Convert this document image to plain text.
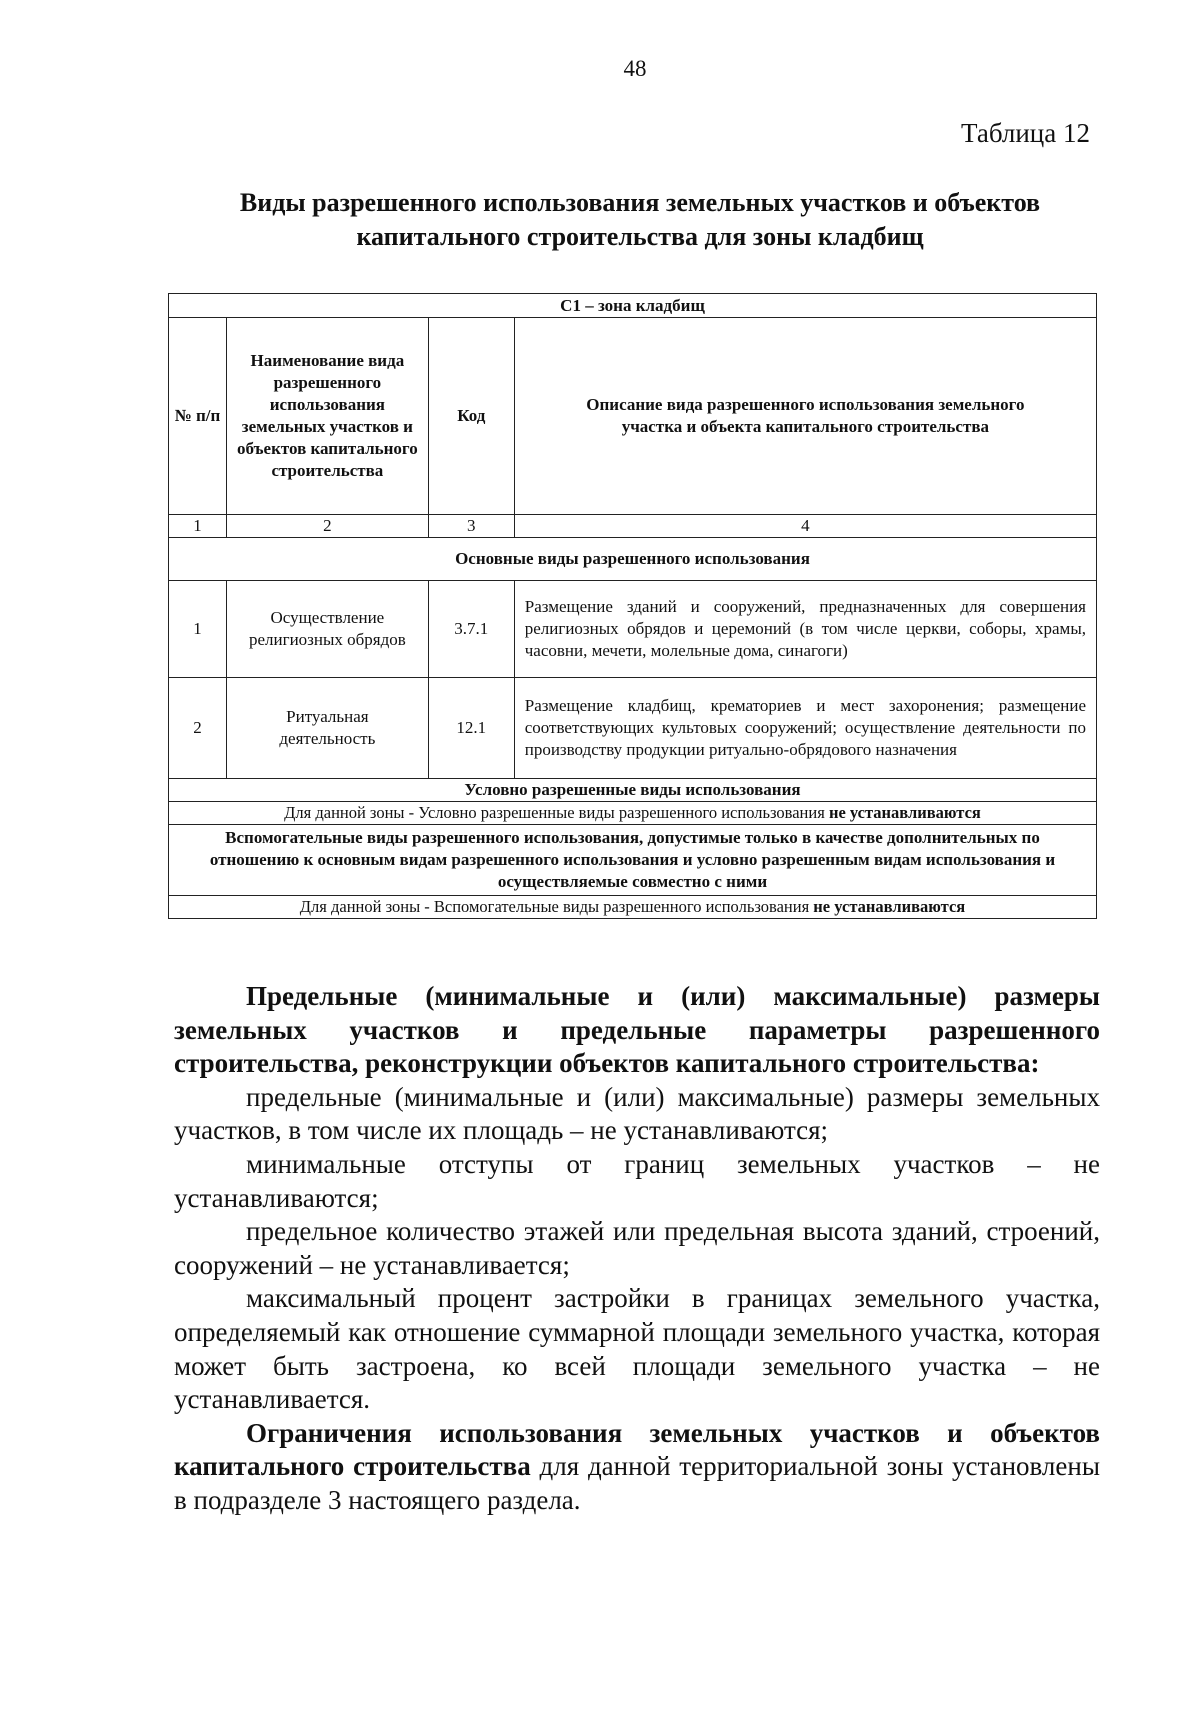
48
Таблица 12
Виды разрешенного использования земельных участков и объектов
капитального строительства для зоны кладбищ
С1 – зона кладбищ			
№ п/п	Наименование вида разрешенного использования земельных участков и объектов капитального строительства	Код	Описание вида разрешенного использования земельного участка и объекта капитального строительства
1	2	3	4
Основные виды разрешенного использования			
1	Осуществление религиозных обрядов	3.7.1	Размещение зданий и сооружений, предназначенных для совершения религиозных обрядов и церемоний (в том числе церкви, соборы, храмы, часовни, мечети, молельные дома, синагоги)
2	Ритуальная деятельность	12.1	Размещение кладбищ, крематориев и мест захоронения; размещение соответствующих культовых сооружений; осуществление деятельности по производству продукции ритуально-обрядового назначения
Условно разрешенные виды использования			
Для данной зоны - Условно разрешенные виды разрешенного использования не устанавливаются			
Вспомогательные виды разрешенного использования, допустимые только в качестве дополнительных по отношению к основным видам разрешенного использования и условно разрешенным видам использования и осуществляемые совместно с ними			
Для данной зоны - Вспомогательные виды разрешенного использования не устанавливаются			

Предельные (минимальные и (или) максимальные) размеры земельных участков и предельные параметры разрешенного строительства, реконструкции объектов капитального строительства:

предельные (минимальные и (или) максимальные) размеры земельных участков, в том числе их площадь – не устанавливаются;

минимальные отступы от границ земельных участков – не устанавливаются;

предельное количество этажей или предельная высота зданий, строений, сооружений – не устанавливается;

максимальный процент застройки в границах земельного участка, определяемый как отношение суммарной площади земельного участка, которая может быть застроена, ко всей площади земельного участка – не устанавливается.

Ограничения использования земельных участков и объектов капитального строительства для данной территориальной зоны установлены в подразделе 3 настоящего раздела.
